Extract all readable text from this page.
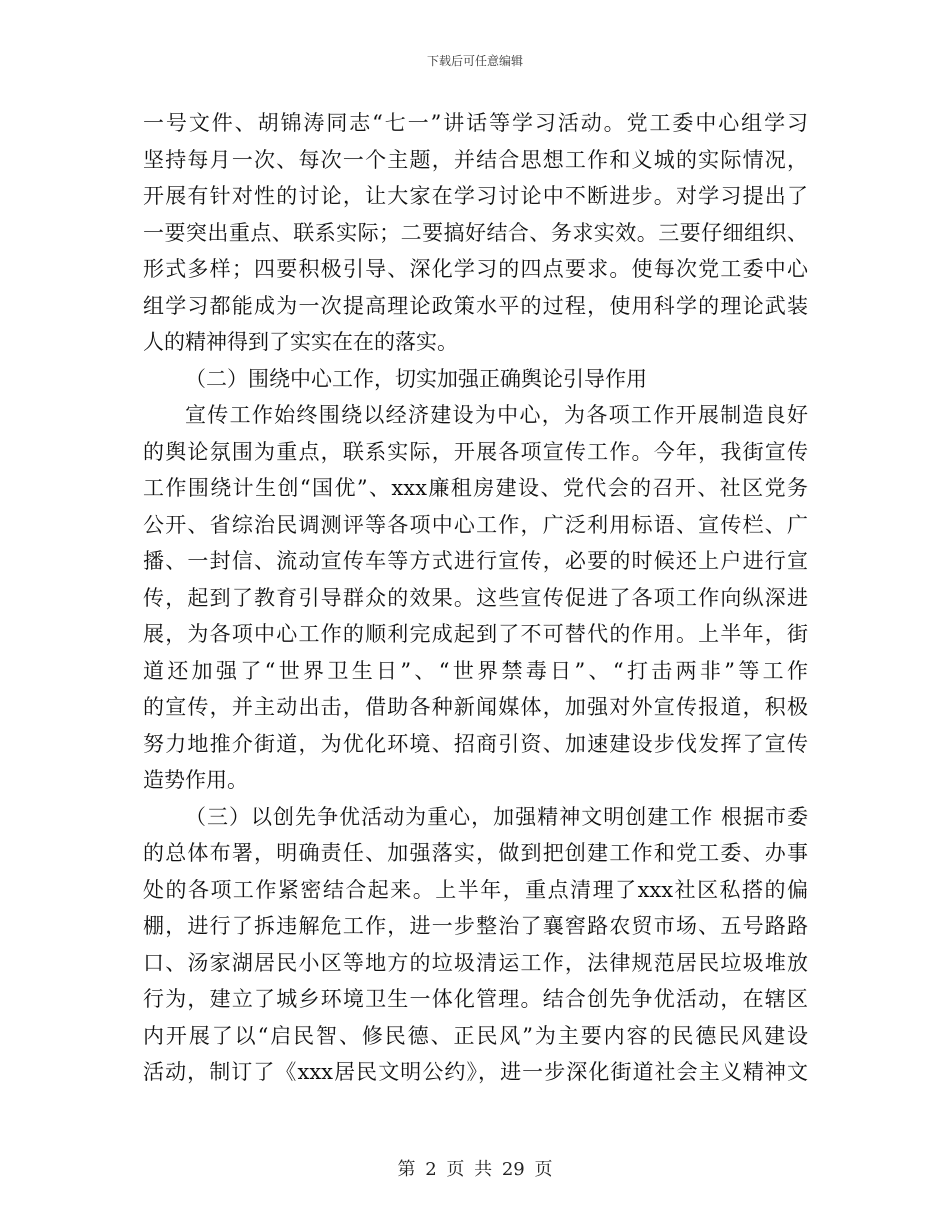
下载后可任意编辑
一号文件、胡锦涛同志“七一”讲话等学习活动。党工委中心组学习
坚持每月一次、每次一个主题，并结合思想工作和义城的实际情况，
开展有针对性的讨论，让大家在学习讨论中不断进步。对学习提出了
一要突出重点、联系实际；二要搞好结合、务求实效。三要仔细组织、
形式多样；四要积极引导、深化学习的四点要求。使每次党工委中心
组学习都能成为一次提高理论政策水平的过程，使用科学的理论武装
人的精神得到了实实在在的落实。
（二）围绕中心工作，切实加强正确舆论引导作用
宣传工作始终围绕以经济建设为中心，为各项工作开展制造良好
的舆论氛围为重点，联系实际，开展各项宣传工作。今年，我街宣传
工作围绕计生创“国优”、xxx廉租房建设、党代会的召开、社区党务
公开、省综治民调测评等各项中心工作，广泛利用标语、宣传栏、广
播、一封信、流动宣传车等方式进行宣传，必要的时候还上户进行宣
传，起到了教育引导群众的效果。这些宣传促进了各项工作向纵深进
展，为各项中心工作的顺利完成起到了不可替代的作用。上半年，街
道还加强了“世界卫生日”、“世界禁毒日”、“打击两非”等工作
的宣传，并主动出击，借助各种新闻媒体，加强对外宣传报道，积极
努力地推介街道，为优化环境、招商引资、加速建设步伐发挥了宣传
造势作用。
（三）以创先争优活动为重心，加强精神文明创建工作 根据市委
的总体布署，明确责任、加强落实，做到把创建工作和党工委、办事
处的各项工作紧密结合起来。上半年，重点清理了xxx社区私搭的偏
棚，进行了拆违解危工作，进一步整治了襄窖路农贸市场、五号路路
口、汤家湖居民小区等地方的垃圾清运工作，法律规范居民垃圾堆放
行为，建立了城乡环境卫生一体化管理。结合创先争优活动，在辖区
内开展了以“启民智、修民德、正民风”为主要内容的民德民风建设
活动，制订了《xxx居民文明公约》，进一步深化街道社会主义精神文
第 2 页 共 29 页
